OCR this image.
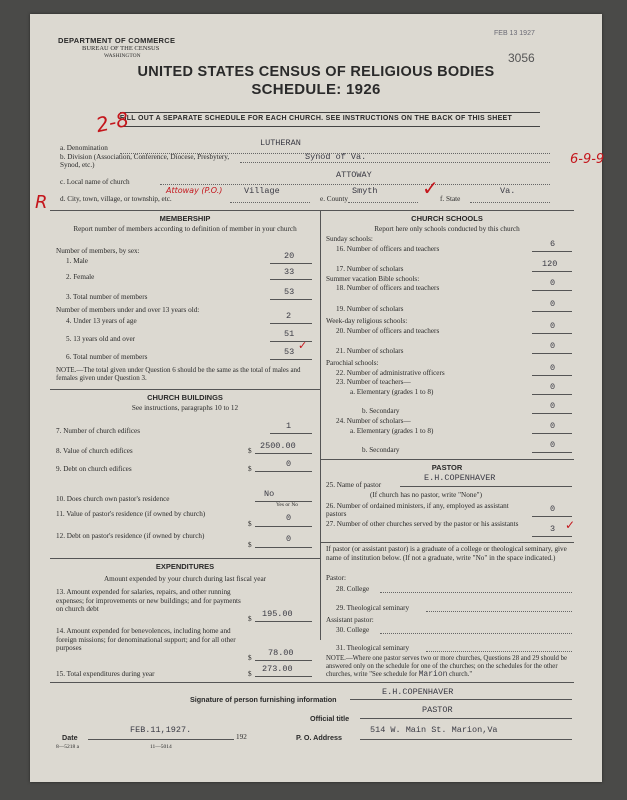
DEPARTMENT OF COMMERCE
BUREAU OF THE CENSUS
WASHINGTON
FEB 13 1927
3056
UNITED STATES CENSUS OF RELIGIOUS BODIES
SCHEDULE: 1926
FILL OUT A SEPARATE SCHEDULE FOR EACH CHURCH. SEE INSTRUCTIONS ON THE BACK OF THIS SHEET
2-8
6-9-9
R
Attoway (P.O.)
a. Denomination	LUTHERAN
b. Division (Association, Conference, Diocese, Presbytery, Synod, etc.)
Synod of Va.
ATTOWAY
c. Local name of church
d. City, town, village, or township, etc.
Village
e. County
Smyth
f. State
Va.
✓
MEMBERSHIP
Report number of members according to definition of member in your church
Number of members, by sex:
1. Male	20
2. Female	33
3. Total number of members	53
Number of members under and over 13 years old:
4. Under 13 years of age	2
5. 13 years old and over	51
6. Total number of members	53 ✓
NOTE.—The total given under Question 6 should be the same as the total of males and females given under Question 3.
CHURCH BUILDINGS
See instructions, paragraphs 10 to 12
7. Number of church edifices	1
8. Value of church edifices	$ 2500.00
9. Debt on church edifices	$	0
10. Does church own pastor's residence	No
Yes or No
11. Value of pastor's residence (if owned by church)
$
0
12. Debt on pastor's residence (if owned by church)
$
0
EXPENDITURES
Amount expended by your church during last fiscal year
13. Amount expended for salaries, repairs, and other running expenses; for improvements or new buildings; and for payments on church debt
$ 195.00
14. Amount expended for benevolences, including home and foreign missions; for denominational support; and for all other purposes
$ 78.00
15. Total expenditures during year	$ 273.00
CHURCH SCHOOLS
Report here only schools conducted by this church
Sunday schools:
16. Number of officers and teachers	6
17. Number of scholars	120
Summer vacation Bible schools:
18. Number of officers and teachers	0
19. Number of scholars	0
Week-day religious schools:
20. Number of officers and teachers	0
21. Number of scholars	0
Parochial schools:
22. Number of administrative officers	0
23. Number of teachers—
a. Elementary (grades 1 to 8)	0
b. Secondary	0
24. Number of scholars—
a. Elementary (grades 1 to 8)	0
b. Secondary	0
PASTOR
25. Name of pastor
E.H.COPENHAVER
(If church has no pastor, write "None")
26. Number of ordained ministers, if any, employed as assistant pastors	0
27. Number of other churches served by the pastor or his assistants	3 ✓
If pastor (or assistant pastor) is a graduate of a college or theological seminary, give name of institution below. (If not a graduate, write "No" in the space indicated.)
Pastor:
28. College
29. Theological seminary
Assistant pastor:
30. College
31. Theological seminary
NOTE.—Where one pastor serves two or more churches, Questions 28 and 29 should be answered only on the schedule for one of the churches; on the schedules for the other churches, write "See schedule for Marion church."
Signature of person furnishing information
E.H.COPENHAVER
Official title
PASTOR
Date
FEB.11,1927.
192	P. O. Address
514 W. Main St. Marion,Va
8—5218 a	11—5014
